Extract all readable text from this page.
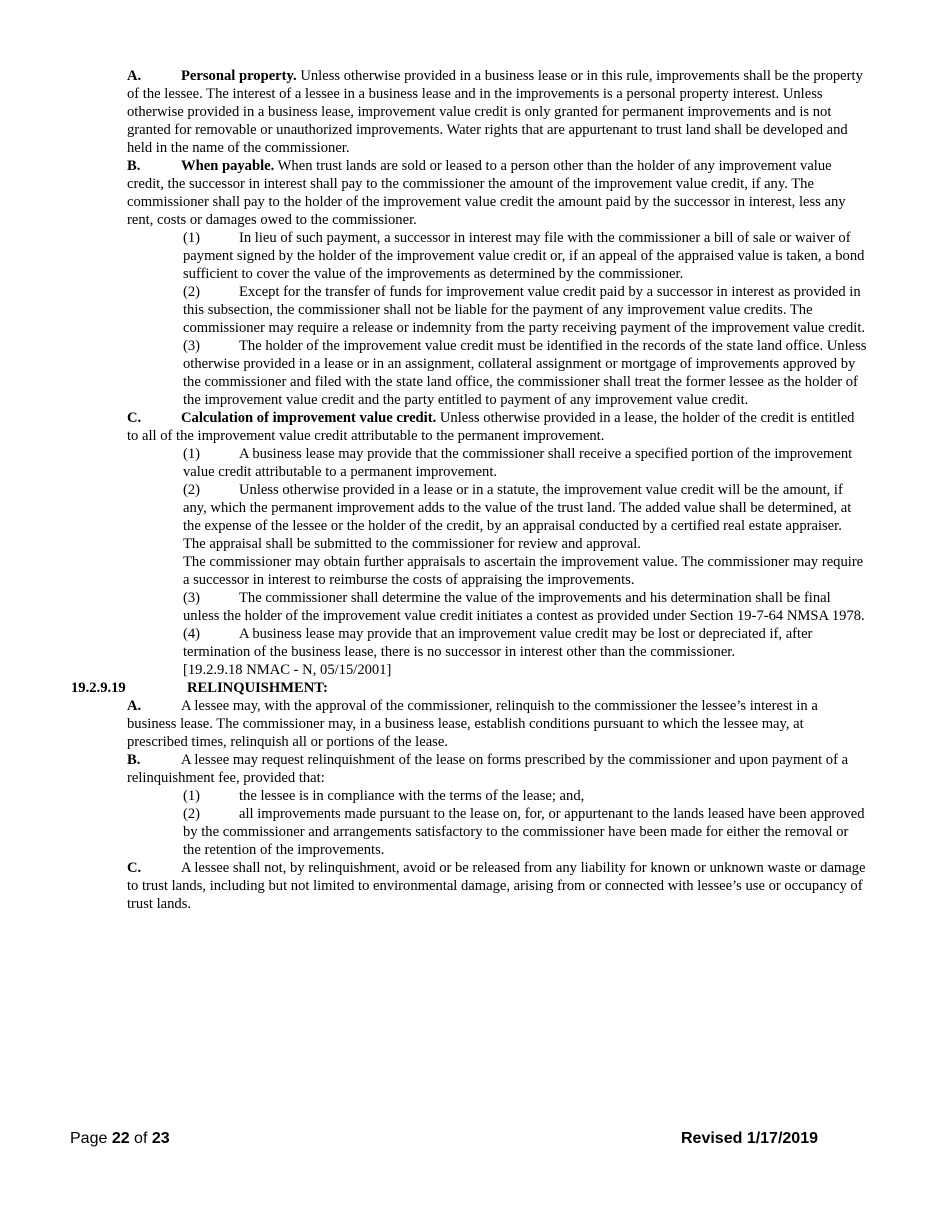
A.	Personal property. Unless otherwise provided in a business lease or in this rule, improvements shall be the property of the lessee. The interest of a lessee in a business lease and in the improvements is a personal property interest. Unless otherwise provided in a business lease, improvement value credit is only granted for permanent improvements and is not granted for removable or unauthorized improvements. Water rights that are appurtenant to trust land shall be developed and held in the name of the commissioner.

B.	When payable. When trust lands are sold or leased to a person other than the holder of any improvement value credit, the successor in interest shall pay to the commissioner the amount of the improvement value credit, if any. The commissioner shall pay to the holder of the improvement value credit the amount paid by the successor in interest, less any rent, costs or damages owed to the commissioner.

(1)	In lieu of such payment, a successor in interest may file with the commissioner a bill of sale or waiver of payment signed by the holder of the improvement value credit or, if an appeal of the appraised value is taken, a bond sufficient to cover the value of the improvements as determined by the commissioner.

(2)	Except for the transfer of funds for improvement value credit paid by a successor in interest as provided in this subsection, the commissioner shall not be liable for the payment of any improvement value credits. The commissioner may require a release or indemnity from the party receiving payment of the improvement value credit.

(3)	The holder of the improvement value credit must be identified in the records of the state land office. Unless otherwise provided in a lease or in an assignment, collateral assignment or mortgage of improvements approved by the commissioner and filed with the state land office, the commissioner shall treat the former lessee as the holder of the improvement value credit and the party entitled to payment of any improvement value credit.

C.	Calculation of improvement value credit. Unless otherwise provided in a lease, the holder of the credit is entitled to all of the improvement value credit attributable to the permanent improvement.

(1)	A business lease may provide that the commissioner shall receive a specified portion of the improvement value credit attributable to a permanent improvement.

(2)	Unless otherwise provided in a lease or in a statute, the improvement value credit will be the amount, if any, which the permanent improvement adds to the value of the trust land. The added value shall be determined, at the expense of the lessee or the holder of the credit, by an appraisal conducted by a certified real estate appraiser. The appraisal shall be submitted to the commissioner for review and approval.

The commissioner may obtain further appraisals to ascertain the improvement value. The commissioner may require a successor in interest to reimburse the costs of appraising the improvements.

(3)	The commissioner shall determine the value of the improvements and his determination shall be final unless the holder of the improvement value credit initiates a contest as provided under Section 19-7-64 NMSA 1978.

(4)	A business lease may provide that an improvement value credit may be lost or depreciated if, after termination of the business lease, there is no successor in interest other than the commissioner.

[19.2.9.18 NMAC - N, 05/15/2001]

19.2.9.19	RELINQUISHMENT:

A.	A lessee may, with the approval of the commissioner, relinquish to the commissioner the lessee’s interest in a business lease. The commissioner may, in a business lease, establish conditions pursuant to which the lessee may, at prescribed times, relinquish all or portions of the lease.

B.	A lessee may request relinquishment of the lease on forms prescribed by the commissioner and upon payment of a relinquishment fee, provided that:

(1)	the lessee is in compliance with the terms of the lease; and,

(2)	all improvements made pursuant to the lease on, for, or appurtenant to the lands leased have been approved by the commissioner and arrangements satisfactory to the commissioner have been made for either the removal or the retention of the improvements.

C.	A lessee shall not, by relinquishment, avoid or be released from any liability for known or unknown waste or damage to trust lands, including but not limited to environmental damage, arising from or connected with lessee’s use or occupancy of trust lands.

Page 22 of 23	Revised 1/17/2019
